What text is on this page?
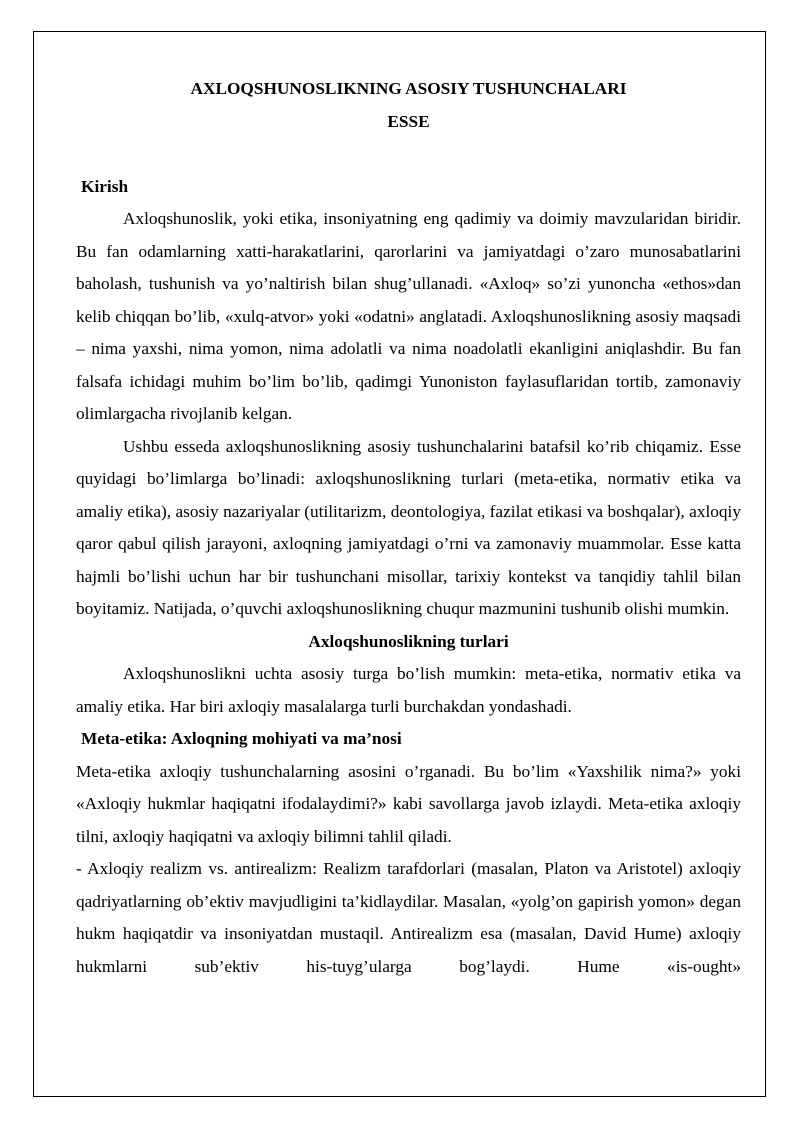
AXLOQSHUNOSLIKNING ASOSIY TUSHUNCHALARI

ESSE

Kirish

Axloqshunoslik, yoki etika, insoniyatning eng qadimiy va doimiy mavzularidan biridir. Bu fan odamlarning xatti-harakatlarini, qarorlarini va jamiyatdagi o’zaro munosabatlarini baholash, tushunish va yo’naltirish bilan shug’ullanadi. «Axloq» so’zi yunoncha «ethos»dan kelib chiqqan bo’lib, «xulq-atvor» yoki «odatni» anglatadi. Axloqshunoslikning asosiy maqsadi – nima yaxshi, nima yomon, nima adolatli va nima noadolatli ekanligini aniqlashdir. Bu fan falsafa ichidagi muhim bo’lim bo’lib, qadimgi Yunoniston faylasuflaridan tortib, zamonaviy olimlargacha rivojlanib kelgan.

Ushbu esseda axloqshunoslikning asosiy tushunchalarini batafsil ko’rib chiqamiz. Esse quyidagi bo’limlarga bo’linadi: axloqshunoslikning turlari (meta-etika, normativ etika va amaliy etika), asosiy nazariyalar (utilitarizm, deontologiya, fazilat etikasi va boshqalar), axloqiy qaror qabul qilish jarayoni, axloqning jamiyatdagi o’rni va zamonaviy muammolar. Esse katta hajmli bo’lishi uchun har bir tushunchani misollar, tarixiy kontekst va tanqidiy tahlil bilan boyitamiz. Natijada, o’quvchi axloqshunoslikning chuqur mazmunini tushunib olishi mumkin.

Axloqshunoslikning turlari

Axloqshunoslikni uchta asosiy turga bo’lish mumkin: meta-etika, normativ etika va amaliy etika. Har biri axloqiy masalalarga turli burchakdan yondashadi.

Meta-etika: Axloqning mohiyati va ma’nosi

Meta-etika axloqiy tushunchalarning asosini o’rganadi. Bu bo’lim «Yaxshilik nima?» yoki «Axloqiy hukmlar haqiqatni ifodalaydimi?» kabi savollarga javob izlaydi. Meta-etika axloqiy tilni, axloqiy haqiqatni va axloqiy bilimni tahlil qiladi.

- Axloqiy realizm vs. antirealizm: Realizm tarafdorlari (masalan, Platon va Aristotel) axloqiy qadriyatlarning ob’ektiv mavjudligini ta’kidlaydilar. Masalan, «yolg’on gapirish yomon» degan hukm haqiqatdir va insoniyatdan mustaqil. Antirealizm esa (masalan, David Hume) axloqiy hukmlarni sub’ektiv his-tuyg’ularga bog’laydi. Hume «is-ought»
